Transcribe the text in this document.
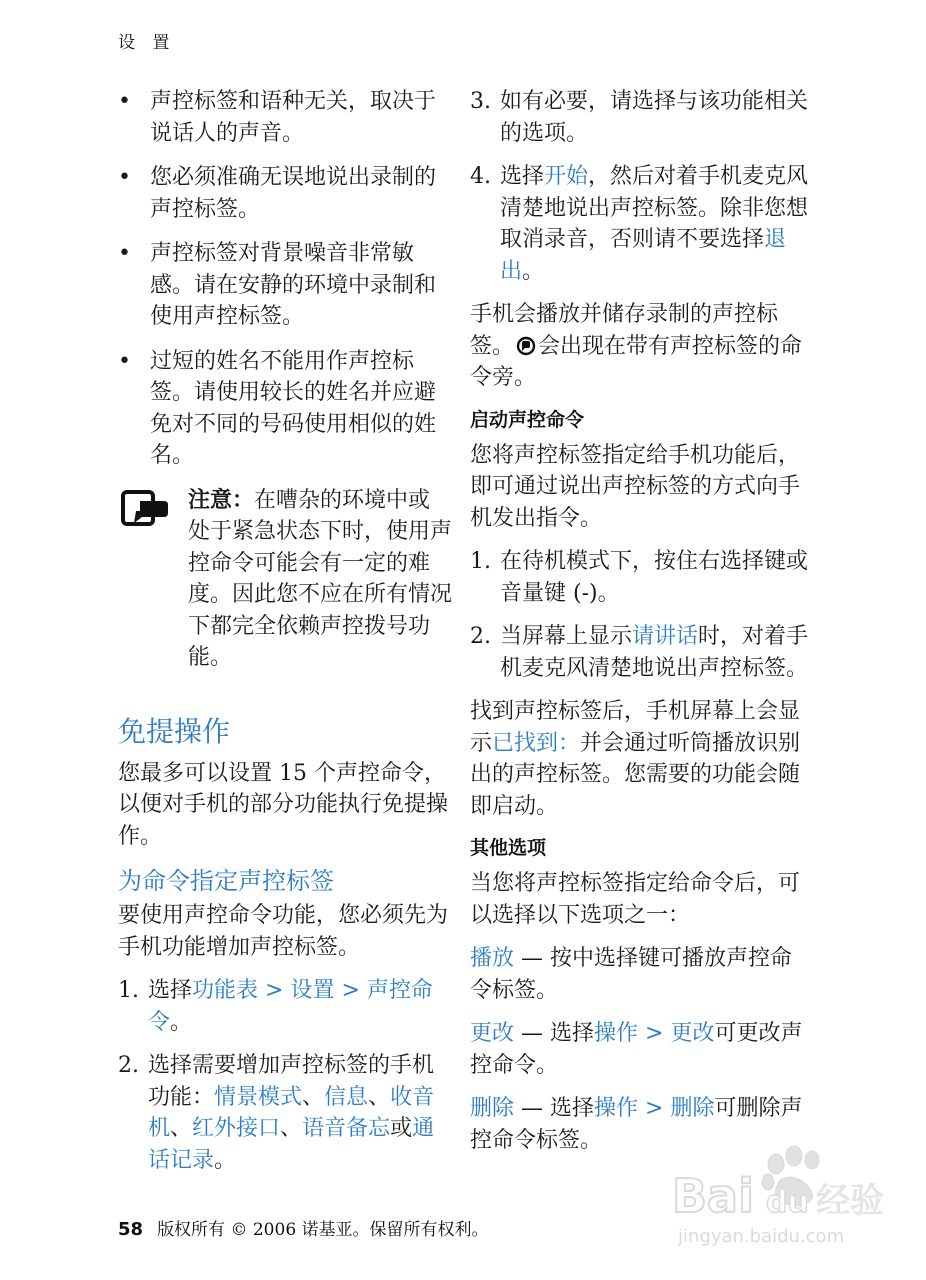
设 置
• 声控标签和语种无关，取决于说话人的声音。
• 您必须准确无误地说出录制的声控标签。
• 声控标签对背景噪音非常敏感。请在安静的环境中录制和使用声控标签。
• 过短的姓名不能用作声控标签。请使用较长的姓名并应避免对不同的号码使用相似的姓名。

注意：在嘈杂的环境中或处于紧急状态下时，使用声控命令可能会有一定的难度。因此您不应在所有情况下都完全依赖声控拨号功能。

免提操作

您最多可以设置 15 个声控命令，以便对手机的部分功能执行免提操作。

为命令指定声控标签

要使用声控命令功能，您必须先为手机功能增加声控标签。

1. 选择功能表 > 设置 > 声控命令。
2. 选择需要增加声控标签的手机功能：情景模式、信息、收音机、红外接口、语音备忘或通话记录。
3. 如有必要，请选择与该功能相关的选项。
4. 选择开始，然后对着手机麦克风清楚地说出声控标签。除非您想取消录音，否则请不要选择退出。

手机会播放并储存录制的声控标签。 会出现在带有声控标签的命令旁。

启动声控命令

您将声控标签指定给手机功能后，即可通过说出声控标签的方式向手机发出指令。

1. 在待机模式下，按住右选择键或音量键 (-)。
2. 当屏幕上显示请讲话时，对着手机麦克风清楚地说出声控标签。

找到声控标签后，手机屏幕上会显示已找到：并会通过听筒播放识别出的声控标签。您需要的功能会随即启动。

其他选项

当您将声控标签指定给命令后，可以选择以下选项之一：

播放 — 按中选择键可播放声控命令标签。

更改 — 选择操作 > 更改可更改声控命令。

删除 — 选择操作 > 删除可删除声控命令标签。

58 版权所有 © 2006 诺基亚。保留所有权利。
Bai 经验
du
jingyan.baidu.com
